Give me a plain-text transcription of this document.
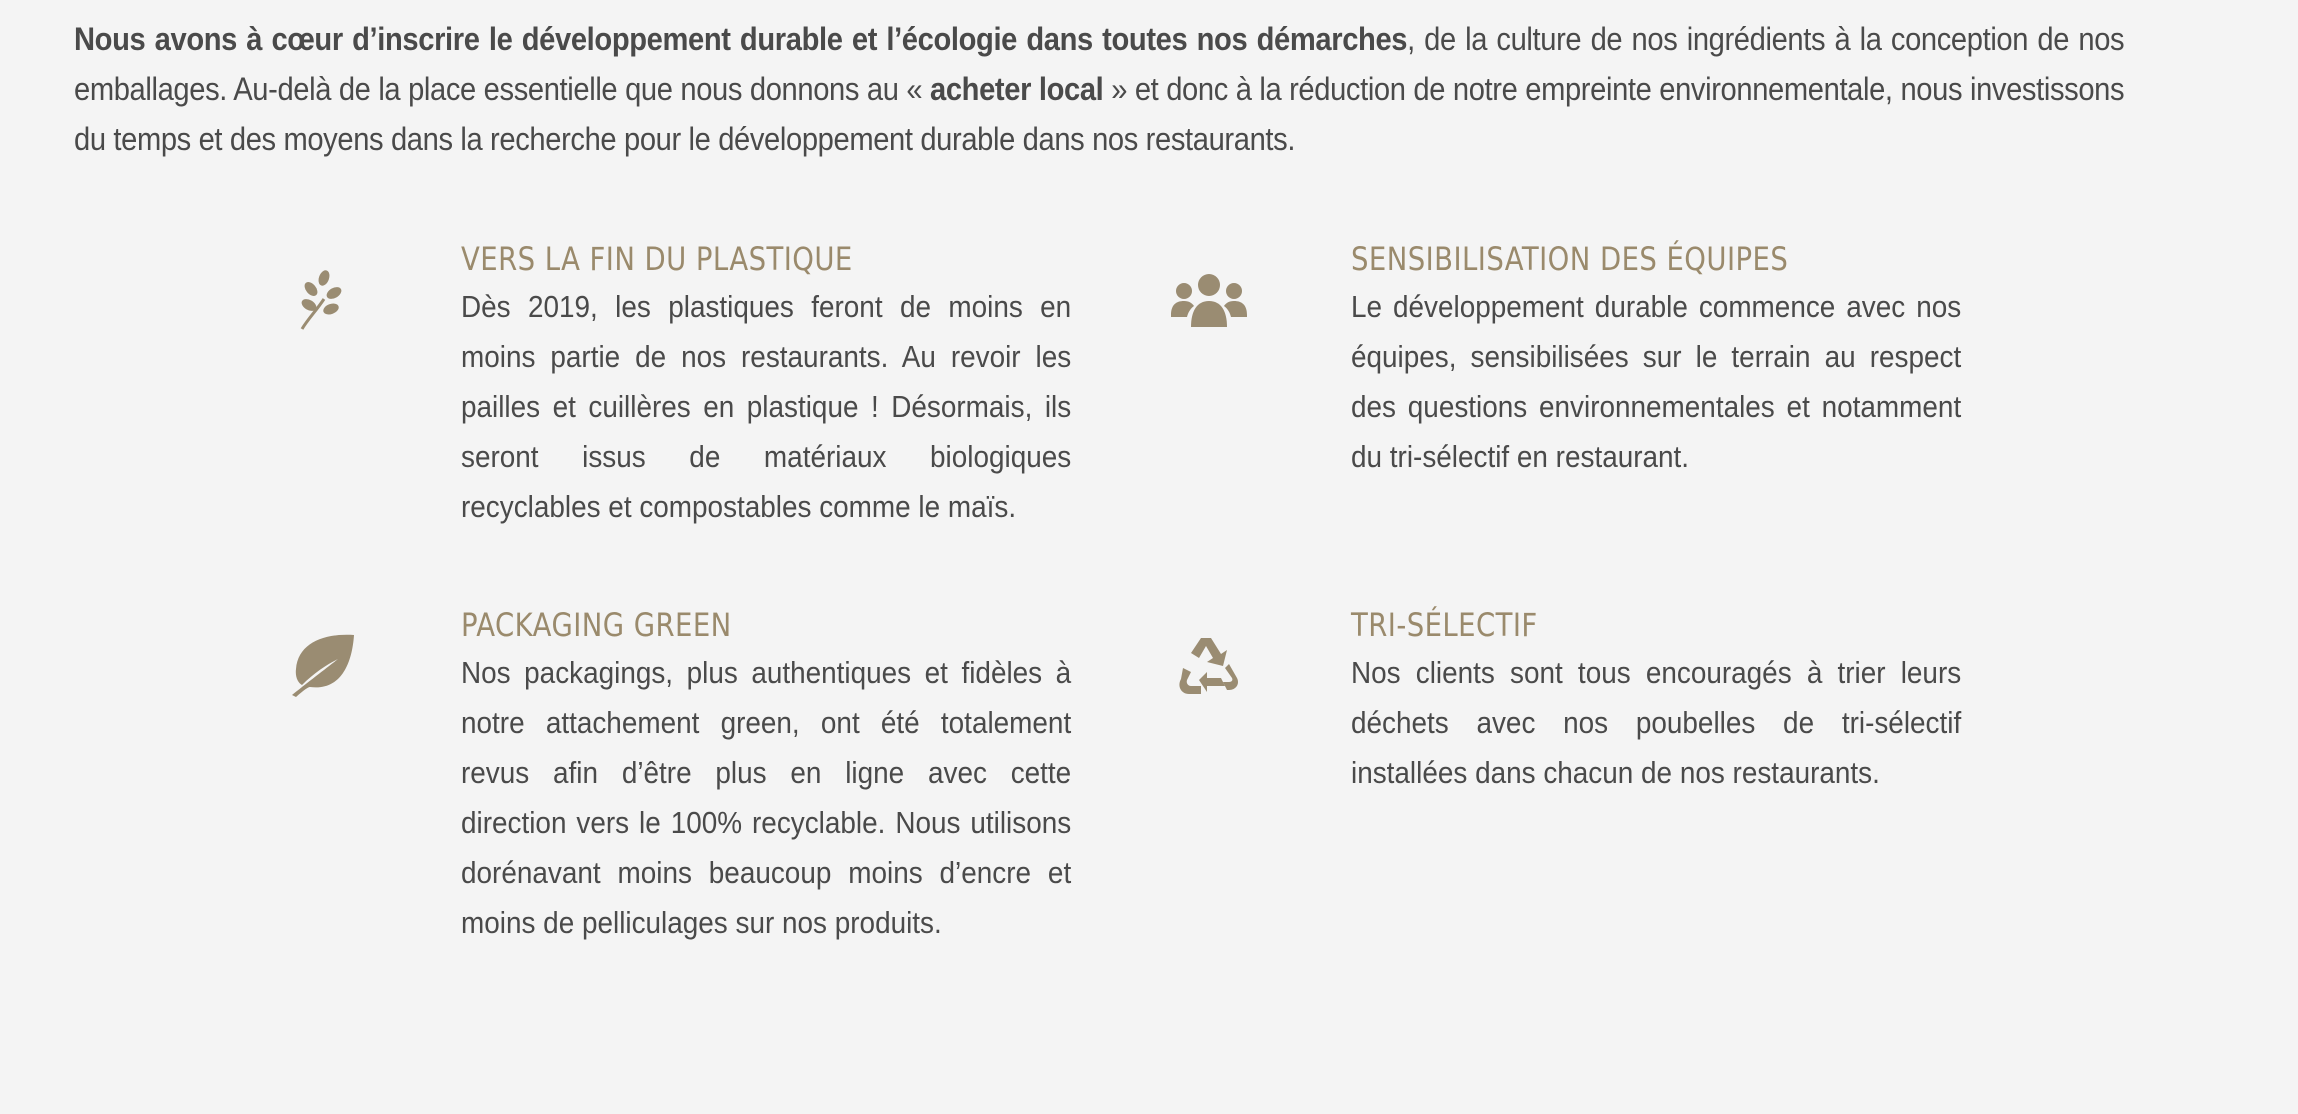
Nous avons à cœur d’inscrire le développement durable et l’écologie dans toutes nos démarches, de la culture de nos ingrédients à la conception de nos emballages. Au-delà de la place essentielle que nous donnons au « acheter local » et donc à la réduction de notre empreinte environnementale, nous investissons du temps et des moyens dans la recherche pour le développement durable dans nos restaurants.
VERS LA FIN DU PLASTIQUE

Dès 2019, les plastiques feront de moins en moins partie de nos restaurants. Au revoir les pailles et cuillères en plastique ! Désormais, ils seront issus de matériaux biologiques recyclables et compostables comme le maïs.

SENSIBILISATION DES ÉQUIPES

Le développement durable commence avec nos équipes, sensibilisées sur le terrain au respect des questions environnementales et notamment du tri-sélectif en restaurant.

PACKAGING GREEN

Nos packagings, plus authentiques et fidèles à notre attachement green, ont été totalement revus afin d’être plus en ligne avec cette direction vers le 100% recyclable. Nous utilisons dorénavant moins beaucoup moins d’encre et moins de pelliculages sur nos produits.

TRI-SÉLECTIF

Nos clients sont tous encouragés à trier leurs déchets avec nos poubelles de tri-sélectif installées dans chacun de nos restaurants.
